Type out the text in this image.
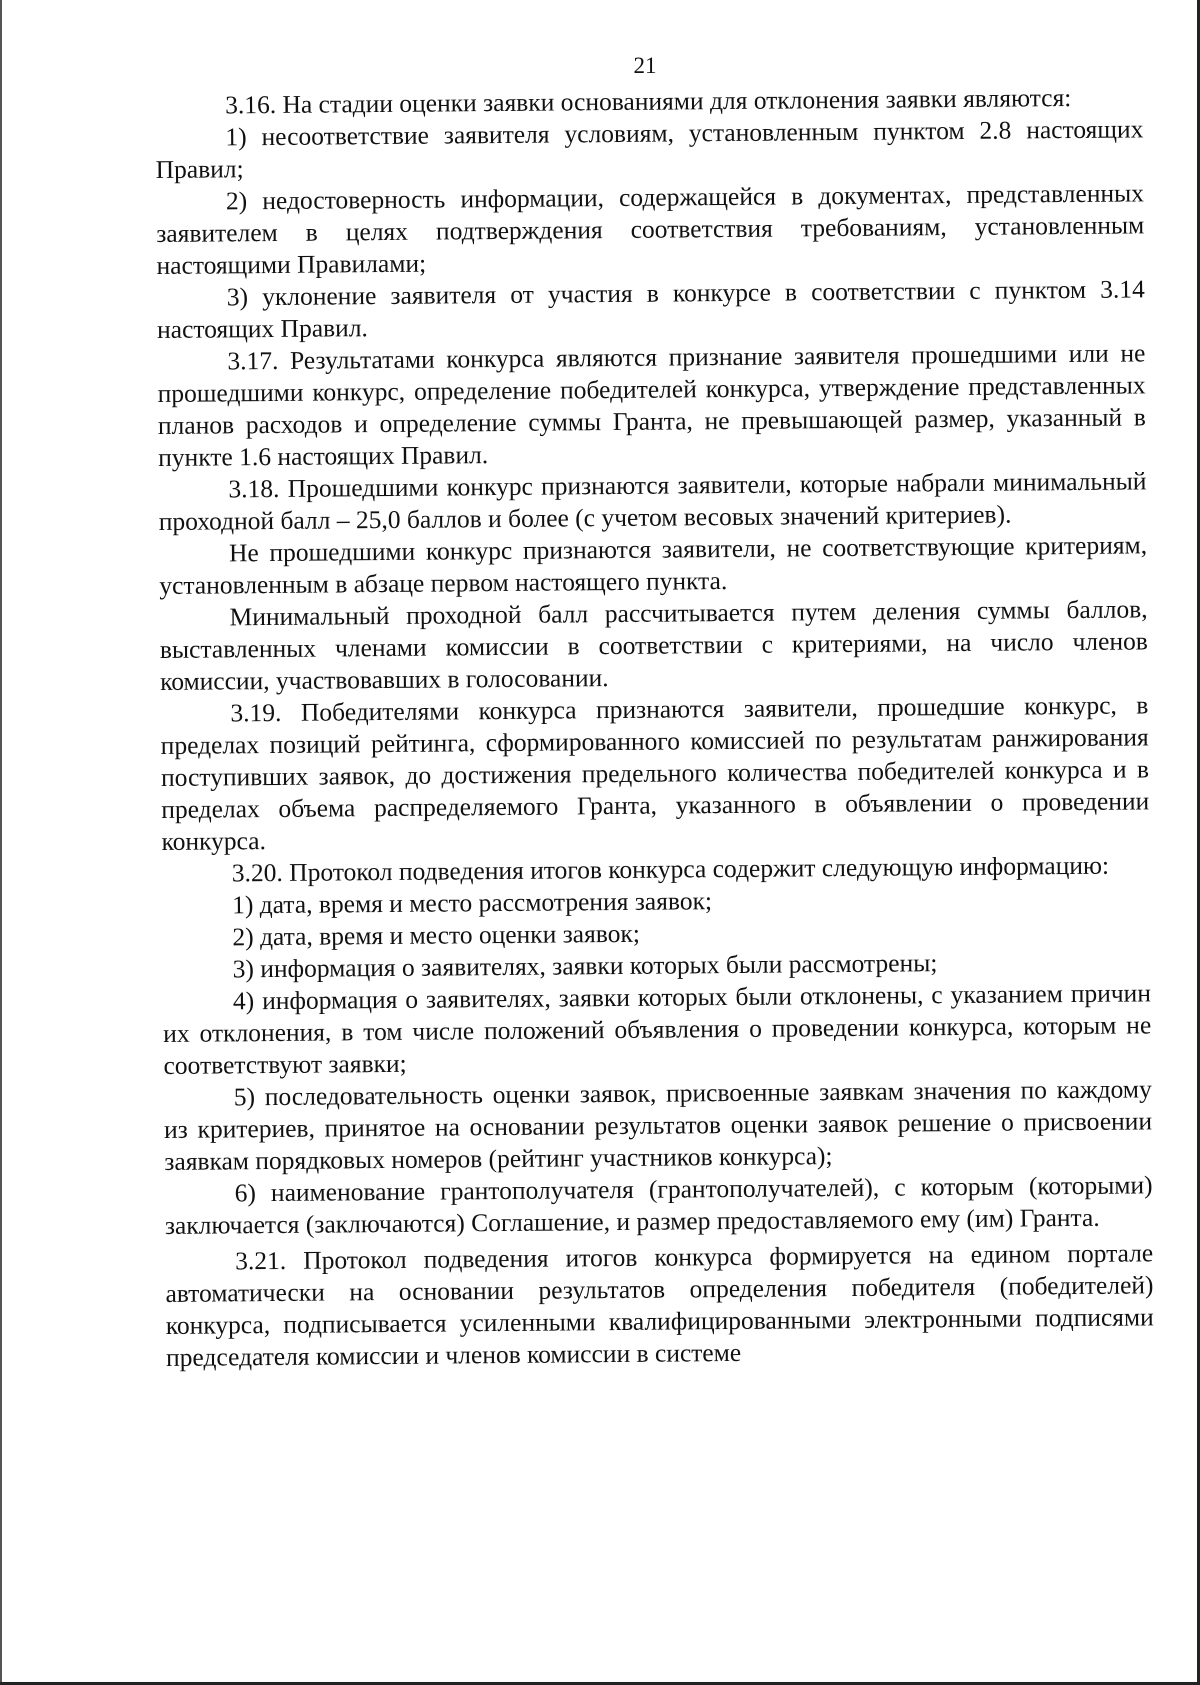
21

3.16. На стадии оценки заявки основаниями для отклонения заявки являются:

1) несоответствие заявителя условиям, установленным пунктом 2.8 настоящих Правил;

2) недостоверность информации, содержащейся в документах, представленных заявителем в целях подтверждения соответствия требованиям, установленным настоящими Правилами;

3) уклонение заявителя от участия в конкурсе в соответствии с пунктом 3.14 настоящих Правил.

3.17. Результатами конкурса являются признание заявителя прошедшими или не прошедшими конкурс, определение победителей конкурса, утверждение представленных планов расходов и определение суммы Гранта, не превышающей размер, указанный в пункте 1.6 настоящих Правил.

3.18. Прошедшими конкурс признаются заявители, которые набрали минимальный проходной балл – 25,0 баллов и более (с учетом весовых значений критериев).

Не прошедшими конкурс признаются заявители, не соответствующие критериям, установленным в абзаце первом настоящего пункта.

Минимальный проходной балл рассчитывается путем деления суммы баллов, выставленных членами комиссии в соответствии с критериями, на число членов комиссии, участвовавших в голосовании.

3.19. Победителями конкурса признаются заявители, прошедшие конкурс, в пределах позиций рейтинга, сформированного комиссией по результатам ранжирования поступивших заявок, до достижения предельного количества победителей конкурса и в пределах объема распределяемого Гранта, указанного в объявлении о проведении конкурса.

3.20. Протокол подведения итогов конкурса содержит следующую информацию:

1) дата, время и место рассмотрения заявок;

2) дата, время и место оценки заявок;

3) информация о заявителях, заявки которых были рассмотрены;

4) информация о заявителях, заявки которых были отклонены, с указанием причин их отклонения, в том числе положений объявления о проведении конкурса, которым не соответствуют заявки;

5) последовательность оценки заявок, присвоенные заявкам значения по каждому из критериев, принятое на основании результатов оценки заявок решение о присвоении заявкам порядковых номеров (рейтинг участников конкурса);

6) наименование грантополучателя (грантополучателей), с которым (которыми) заключается (заключаются) Соглашение, и размер предоставляемого ему (им) Гранта.

3.21. Протокол подведения итогов конкурса формируется на едином портале автоматически на основании результатов определения победителя (победителей) конкурса, подписывается усиленными квалифицированными электронными подписями председателя комиссии и членов комиссии в системе
